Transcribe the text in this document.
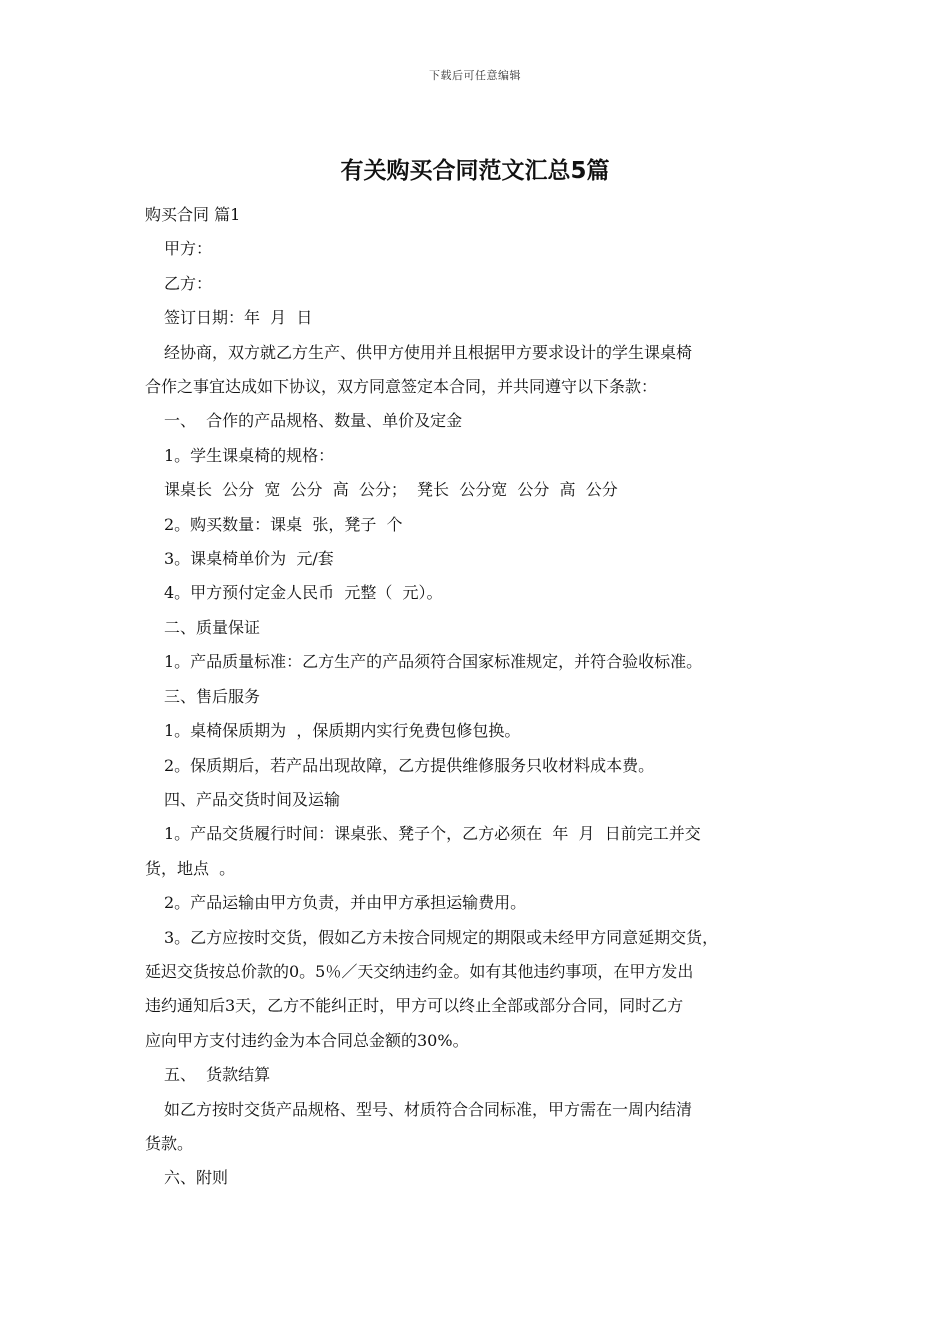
下载后可任意编辑
有关购买合同范文汇总5篇

购买合同 篇1

甲方：

乙方：

签订日期：年  月  日

经协商，双方就乙方生产、供甲方使用并且根据甲方要求设计的学生课桌椅

合作之事宜达成如下协议，双方同意签定本合同，并共同遵守以下条款：

一、  合作的产品规格、数量、单价及定金

1。学生课桌椅的规格：

课桌长  公分  宽  公分  高  公分；  凳长  公分宽  公分  高  公分

2。购买数量：课桌  张，凳子  个

3。课桌椅单价为  元/套

4。甲方预付定金人民币  元整（  元）。

二、质量保证

1。产品质量标准：乙方生产的产品须符合国家标准规定，并符合验收标准。

三、售后服务

1。桌椅保质期为  ，保质期内实行免费包修包换。

2。保质期后，若产品出现故障，乙方提供维修服务只收材料成本费。

四、产品交货时间及运输

1。产品交货履行时间：课桌张、凳子个，乙方必须在  年  月  日前完工并交

货，地点  。

2。产品运输由甲方负责，并由甲方承担运输费用。

3。乙方应按时交货，假如乙方未按合同规定的期限或未经甲方同意延期交货，

延迟交货按总价款的0。5％／天交纳违约金。如有其他违约事项，在甲方发出

违约通知后3天，乙方不能纠正时，甲方可以终止全部或部分合同，同时乙方

应向甲方支付违约金为本合同总金额的30%。

五、  货款结算

如乙方按时交货产品规格、型号、材质符合合同标准，甲方需在一周内结清

货款。

六、附则
